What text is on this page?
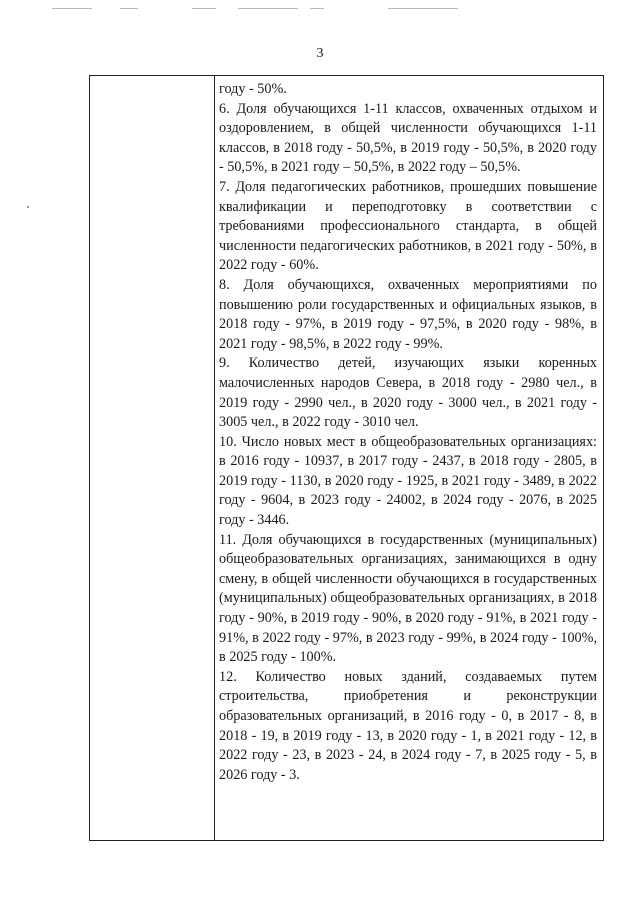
3

году - 50%.

6. Доля обучающихся 1-11 классов, охваченных отдыхом и оздоровлением, в общей численности обучающихся 1-11 классов, в 2018 году - 50,5%, в 2019 году - 50,5%, в 2020 году - 50,5%, в 2021 году – 50,5%, в 2022 году – 50,5%.

7. Доля педагогических работников, прошедших повышение квалификации и переподготовку в соответствии с требованиями профессионального стандарта, в общей численности педагогических работников, в 2021 году - 50%, в 2022 году - 60%.

8. Доля обучающихся, охваченных мероприятиями по повышению роли государственных и официальных языков, в 2018 году - 97%, в 2019 году - 97,5%, в 2020 году - 98%, в 2021 году - 98,5%, в 2022 году - 99%.

9. Количество детей, изучающих языки коренных малочисленных народов Севера, в 2018 году - 2980 чел., в 2019 году - 2990 чел., в 2020 году - 3000 чел., в 2021 году - 3005 чел., в 2022 году - 3010 чел.

10. Число новых мест в общеобразовательных организациях: в 2016 году - 10937, в 2017 году - 2437, в 2018 году - 2805, в 2019 году - 1130, в 2020 году - 1925, в 2021 году - 3489, в 2022 году - 9604, в 2023 году - 24002, в 2024 году - 2076, в 2025 году - 3446.

11. Доля обучающихся в государственных (муниципальных) общеобразовательных организациях, занимающихся в одну смену, в общей численности обучающихся в государственных (муниципальных) общеобразовательных организациях, в 2018 году - 90%, в 2019 году - 90%, в 2020 году - 91%, в 2021 году - 91%, в 2022 году - 97%, в 2023 году - 99%, в 2024 году - 100%, в 2025 году - 100%.

12. Количество новых зданий, создаваемых путем строительства, приобретения и реконструкции образовательных организаций, в 2016 году - 0, в 2017 - 8, в 2018 - 19, в 2019 году - 13, в 2020 году - 1, в 2021 году - 12, в 2022 году - 23, в 2023 - 24, в 2024 году - 7, в 2025 году - 5, в 2026 году - 3.
